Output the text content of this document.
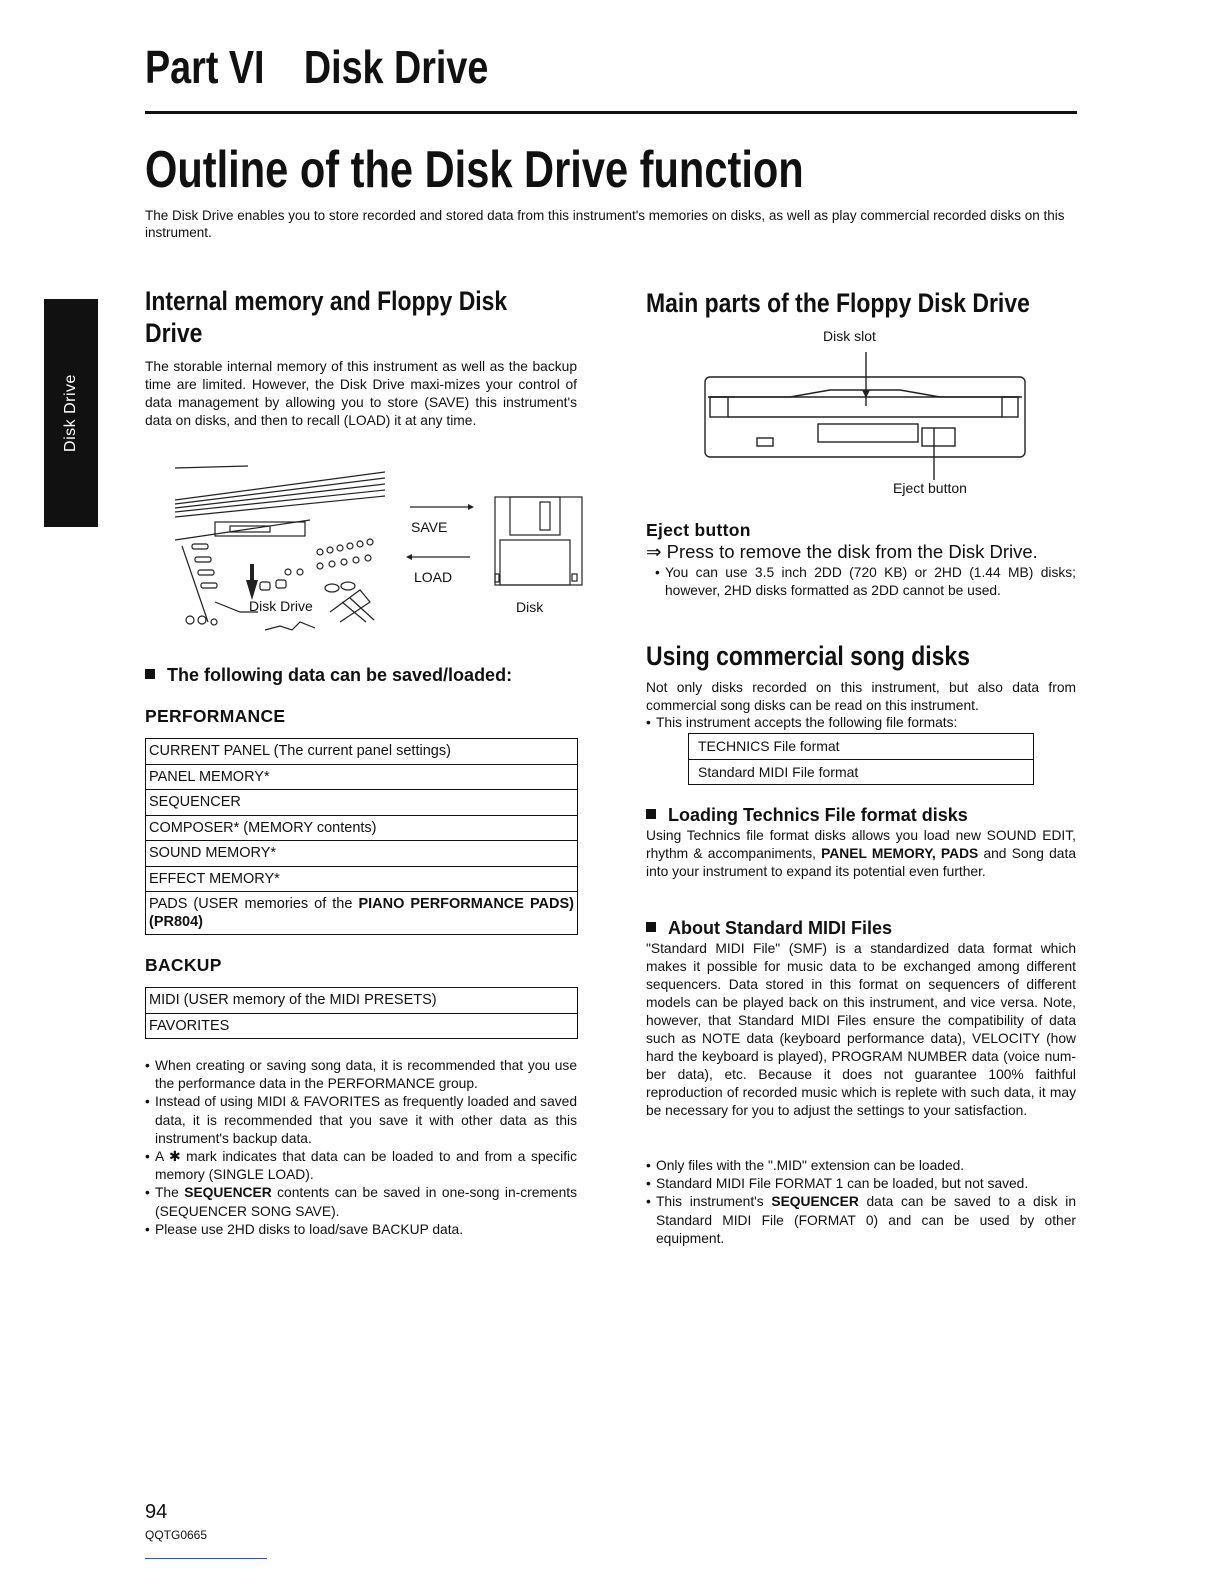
Part VI Disk Drive
Outline of the Disk Drive function
The Disk Drive enables you to store recorded and stored data from this instrument's memories on disks, as well as play commercial recorded disks on this instrument.
Disk Drive
Internal memory and Floppy Disk Drive
The storable internal memory of this instrument as well as the backup time are limited. However, the Disk Drive maxi-mizes your control of data management by allowing you to store (SAVE) this instrument's data on disks, and then to recall (LOAD) it at any time.
SAVE
LOAD
Disk Drive	Disk
The following data can be saved/loaded:
PERFORMANCE
CURRENT PANEL (The current panel settings)
PANEL MEMORY*
SEQUENCER
COMPOSER* (MEMORY contents)
SOUND MEMORY*
EFFECT MEMORY*
PADS (USER memories of the PIANO PERFORMANCE PADS) (PR804)
BACKUP
MIDI (USER memory of the MIDI PRESETS)
FAVORITES
• When creating or saving song data, it is recommended that you use the performance data in the PERFORMANCE group.
• Instead of using MIDI & FAVORITES as frequently loaded and saved data, it is recommended that you save it with other data as this instrument's backup data.
• A ✱ mark indicates that data can be loaded to and from a specific memory (SINGLE LOAD).
• The SEQUENCER contents can be saved in one-song in-crements (SEQUENCER SONG SAVE).
• Please use 2HD disks to load/save BACKUP data.
Main parts of the Floppy Disk Drive
Disk slot
Eject button
Eject button
⇒ Press to remove the disk from the Disk Drive.
• You can use 3.5 inch 2DD (720 KB) or 2HD (1.44 MB) disks; however, 2HD disks formatted as 2DD cannot be used.
Using commercial song disks
Not only disks recorded on this instrument, but also data from commercial song disks can be read on this instrument.
• This instrument accepts the following file formats:
TECHNICS File format
Standard MIDI File format
Loading Technics File format disks
Using Technics file format disks allows you load new SOUND EDIT, rhythm & accompaniments, PANEL MEMORY, PADS and Song data into your instrument to expand its potential even further.
About Standard MIDI Files
"Standard MIDI File" (SMF) is a standardized data format which makes it possible for music data to be exchanged among different sequencers. Data stored in this format on sequencers of different models can be played back on this instrument, and vice versa. Note, however, that Standard MIDI Files ensure the compatibility of data such as NOTE data (keyboard performance data), VELOCITY (how hard the keyboard is played), PROGRAM NUMBER data (voice num-ber data), etc. Because it does not guarantee 100% faithful reproduction of recorded music which is replete with such data, it may be necessary for you to adjust the settings to your satisfaction.
• Only files with the ".MID" extension can be loaded.
• Standard MIDI File FORMAT 1 can be loaded, but not saved.
• This instrument's SEQUENCER data can be saved to a disk in Standard MIDI File (FORMAT 0) and can be used by other equipment.
94
QQTG0665
